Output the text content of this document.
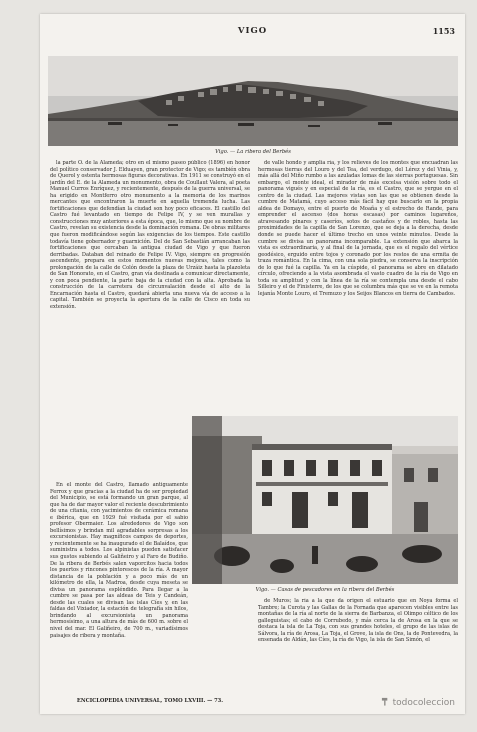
VIGO	1153
Vigo. — La ribera del Berbés

la parte O. de la Alameda; otro en el mismo paseo público (1896) en honor del político conservador J. Elduayen, gran protector de Vigo; es también obra de Querol y ostenta hermosas figuras decorativas. En 1911 se construyó en el jardín del E. de la Alameda un monumento, obra de Coullaut Valera, al poeta Manuel Curros Enríquez, y recientemente, después de la guerra universal, se ha erigido en Montferro otro monumento a la memoria de los marinos mercantes que encontraron la muerte en aquella tremenda lucha. Las fortificaciones que defendían la ciudad son hoy poco eficaces. El castillo del Castro fué levantado en tiempo de Felipe IV, y se ven murallas y construcciones muy anteriores a esta época, que, lo mismo que su nombre de Castro, revelan su existencia desde la dominación romana. De obras militares que fueron modificándose según las exigencias de los tiempos. Este castillo todavía tiene gobernador y guarnición. Del de San Sebastián arrancaban las fortificaciones que cercaban la antigua ciudad de Vigo y que fueron derribadas. Databan del reinado de Felipe IV. Vigo, siempre en progresión ascendente, prepara en estos momentos nuevas mejoras, tales como la prolongación de la calle de Colón desde la plaza de Urzáiz hasta la plazoleta de San Honorato, en el Castro, gran vía destinada a comunicar directamente, y con poca pendiente, la parte baja de la ciudad con la alta. Aprobada la construcción de la carretera de circunvalación desde el alto de la Encarnación hasta el Castro, quedará abierta una nueva vía de acceso a la capital. También se proyecta la apertura de la calle de Cisco en toda su extensión.

de valle hondo y amplia ría, y los relieves de los montes que encuadran las hermosas tierras del Louro y del Tea, del verdugo, del Lérez y del Vinia, y, más allá del Miño rumbo a las azuladas lomas de las sierras portuguesas. Sin embargo, el monte ideal, el mirador de más excelsa visión sobre todo el panorama vigués y en especial de la ría, es el Castro, que se yergue en el centro de la ciudad. Las mejores vistas son las que se obtienen desde la cumbre de Matamá, cuyo acceso más fácil hay que buscarlo en la propia aldea de Domayo, entre el puerto de Moaña y el estrecho de Rande, para emprender el ascenso (dos horas escasas) por caminos lugareños, atravesando pinares y caseríos, sotos de castaños y de robles, hasta las proximidades de la capilla de San Lorenzo, que se deja a la derecha, desde donde se puede hacer el último trecho en unos veinte minutos. Desde la cumbre se divisa un panorama incomparable. La extensión que abarca la vista es extraordinaria, y al final de la jornada, que es el regalo del vértice geodésico, erguido entre tojos y coronado por los restos de una ermita de traza romántica. En la cima, con una sola piedra, se conserva la inscripción de lo que fué la capilla. Ya en la cúspide, el panorama se abre en dilatado círculo, ofreciendo a la vista asombrada el vasto cuadro de la ría de Vigo en toda su amplitud y con la línea de la ría se contempla una desde el cabo Silleiro y el de Finisterre, de los que se columbra más que se ve en la remota lejanía Monte Louro, el Tremuzo y los Seijos Blancos en tierra de Cambados.

Vigo. — Casas de pescadores en la ribera del Berbés

En el monte del Castro, llamado antiguamente Ferrox y que gracias a la ciudad ha de ser propiedad del Municipio, se está formando un gran parque, al que ha de dar mayor valor el reciente descubrimiento de una citania, con yacimientos de cerámica romana e ibérica, que en 1929 fué visitada por el sabio profesor Obermaier. Los alrededores de Vigo son bellísimos y brindan mil agradables sorpresas a los excursionistas. Hay magníficos campos de deportes, y recientemente se ha inaugurado el de Balaídos, que suministra a todos. Los alpinistas pueden satisfacer sus gustos subiendo al Galiñeiro y al Faro de Budiño. De la ribera de Berbés salen vaporcitos hacia todos los puertos y rincones pintorescos de la ría. A mayor distancia de la población y a poco más de un kilómetro de ella, la Madroa, desde cuya meseta se divisa un panorama espléndido. Para llegar a la cumbre se pasa por las aldeas de Teis y Candeán, desde las cuales se divisan las islas Cíes y, en las faldas del Vixiador, la estación de telegrafía sin hilos, brindando al excursionista un panorama hermosísimo, a una altura de más de 600 m. sobre el nivel del mar. El Galiñeiro, de 700 m., variadísimos paisajes de ribera y montaña.

de Muros; la ría a la que da origen el estuario que en Noya forma el Tambre; la Curota y las Gallas de la Fornada que aparecen visibles entre las montañas de la ría al norte de la sierra de Barbanza, el Olimpo céltico de los galleguistas; el cabo de Corrubedo, y más cerca la de Arosa en la que se destaca la isla de La Toja, con sus grandes hoteles, el grupo de las islas de Sálvora, la ría de Arosa, La Toja, el Grove, la isla de Ons, la de Pontevedra, la ensenada de Aldán, las Cíes, la ría de Vigo, la isla de San Simón, el

ENCICLOPEDIA UNIVERSAL, TOMO LXVIII. — 73.	todocoleccion
